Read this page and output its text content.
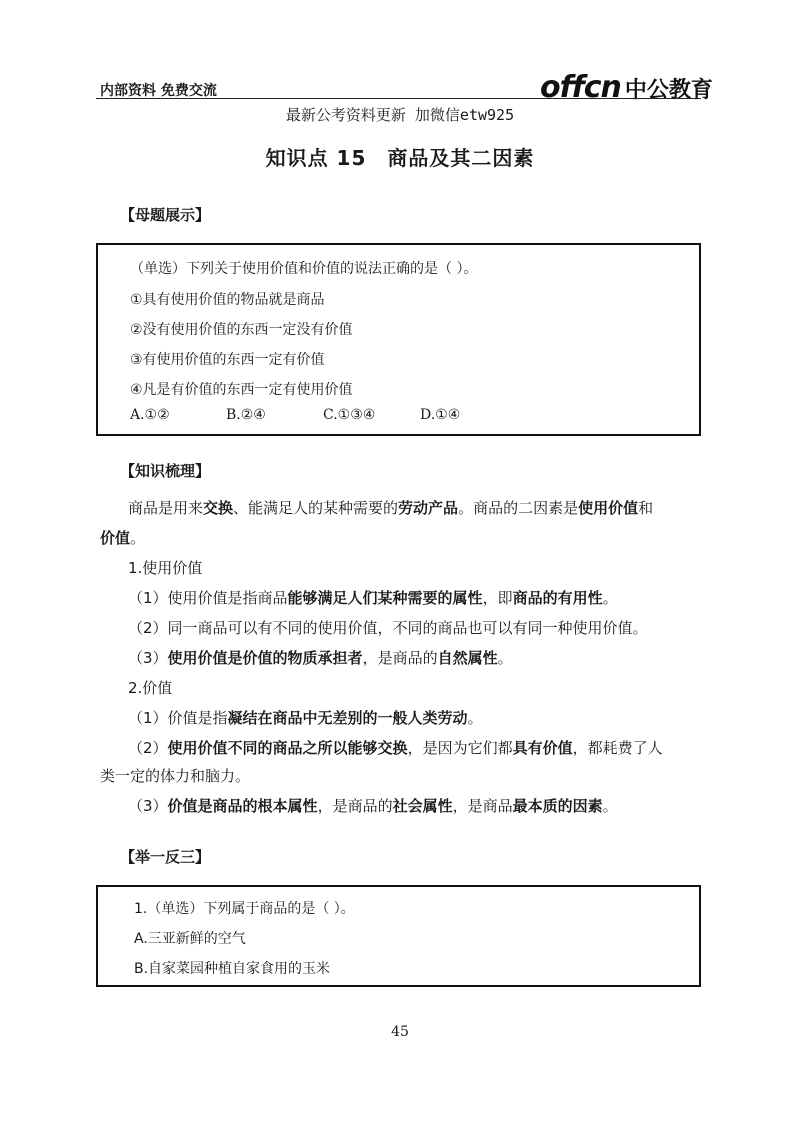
内部资料 免费交流	offcn 中公教育
最新公考资料更新 加微信etw925
知识点 15　商品及其二因素
【母题展示】
（单选）下列关于使用价值和价值的说法正确的是（ ）。
①具有使用价值的物品就是商品
②没有使用价值的东西一定没有价值
③有使用价值的东西一定有价值
④凡是有价值的东西一定有使用价值
A.①②	B.②④	C.①③④	D.①④
【知识梳理】
商品是用来交换、能满足人的某种需要的劳动产品。商品的二因素是使用价值和
价值。
1.使用价值
（1）使用价值是指商品能够满足人们某种需要的属性，即商品的有用性。
（2）同一商品可以有不同的使用价值，不同的商品也可以有同一种使用价值。
（3）使用价值是价值的物质承担者，是商品的自然属性。
2.价值
（1）价值是指凝结在商品中无差别的一般人类劳动。
（2）使用价值不同的商品之所以能够交换，是因为它们都具有价值，都耗费了人
类一定的体力和脑力。
（3）价值是商品的根本属性，是商品的社会属性，是商品最本质的因素。
【举一反三】
1.（单选）下列属于商品的是（ ）。
A.三亚新鲜的空气
B.自家菜园种植自家食用的玉米
45
